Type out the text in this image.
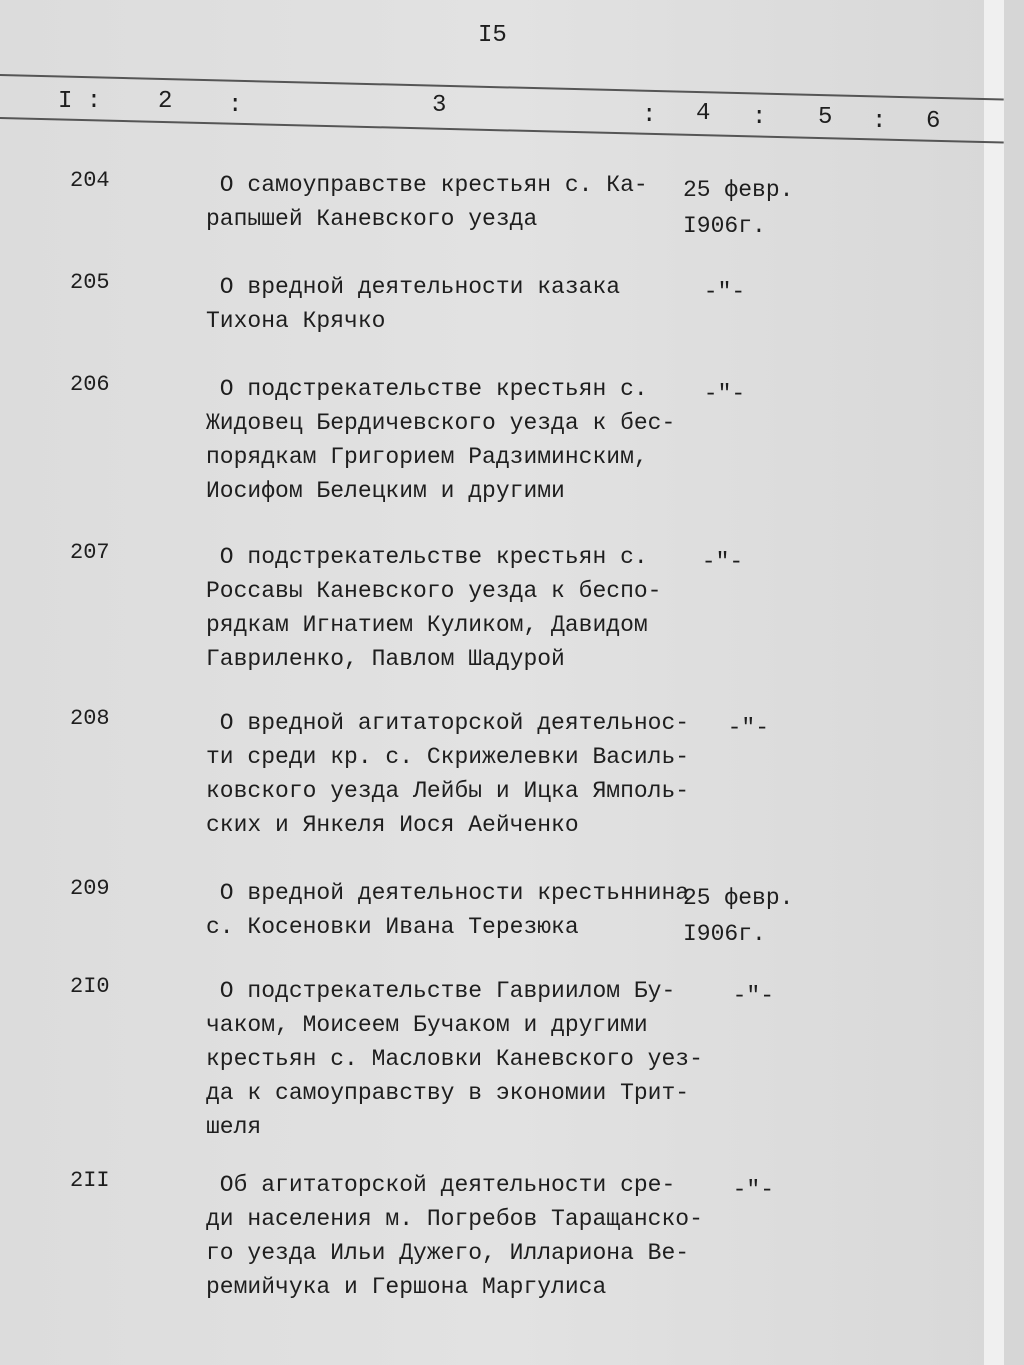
I5
I : 2 :	3	: 4 : 5 : 6
204	О самоуправстве крестьян с. Ка-
рапышей Каневского уезда
25 февр.
I906г.
205	О вредной деятельности казака
Тихона Крячко
-"-
206	О подстрекательстве крестьян с.
Жидовец Бердичевского уезда к бес-
порядкам Григорием Радзиминским,
Иосифом Белецким и другими
-"-
207	О подстрекательстве крестьян с.
Россавы Каневского уезда к беспо-
рядкам Игнатием Куликом, Давидом
Гавриленко, Павлом Шадурой
-"-
208	О вредной агитаторской деятельнос-
ти среди кр. с. Скрижелевки Василь-
ковского уезда Лейбы и Ицка Ямполь-
ских и Янкеля Иося Аейченко
-"-
209	О вредной деятельности крестьннина
с. Косеновки Ивана Терезюка
25 февр.
I906г.
2I0	О подстрекательстве Гавриилом Бу-
чаком, Моисеем Бучаком и другими
крестьян с. Масловки Каневского уез-
да к самоуправству в экономии Трит-
шеля
-"-
2II	Об агитаторской деятельности сре-
ди населения м. Погребов Таращанско-
го уезда Ильи Дужего, Иллариона Ве-
ремийчука и Гершона Маргулиса
-"-
